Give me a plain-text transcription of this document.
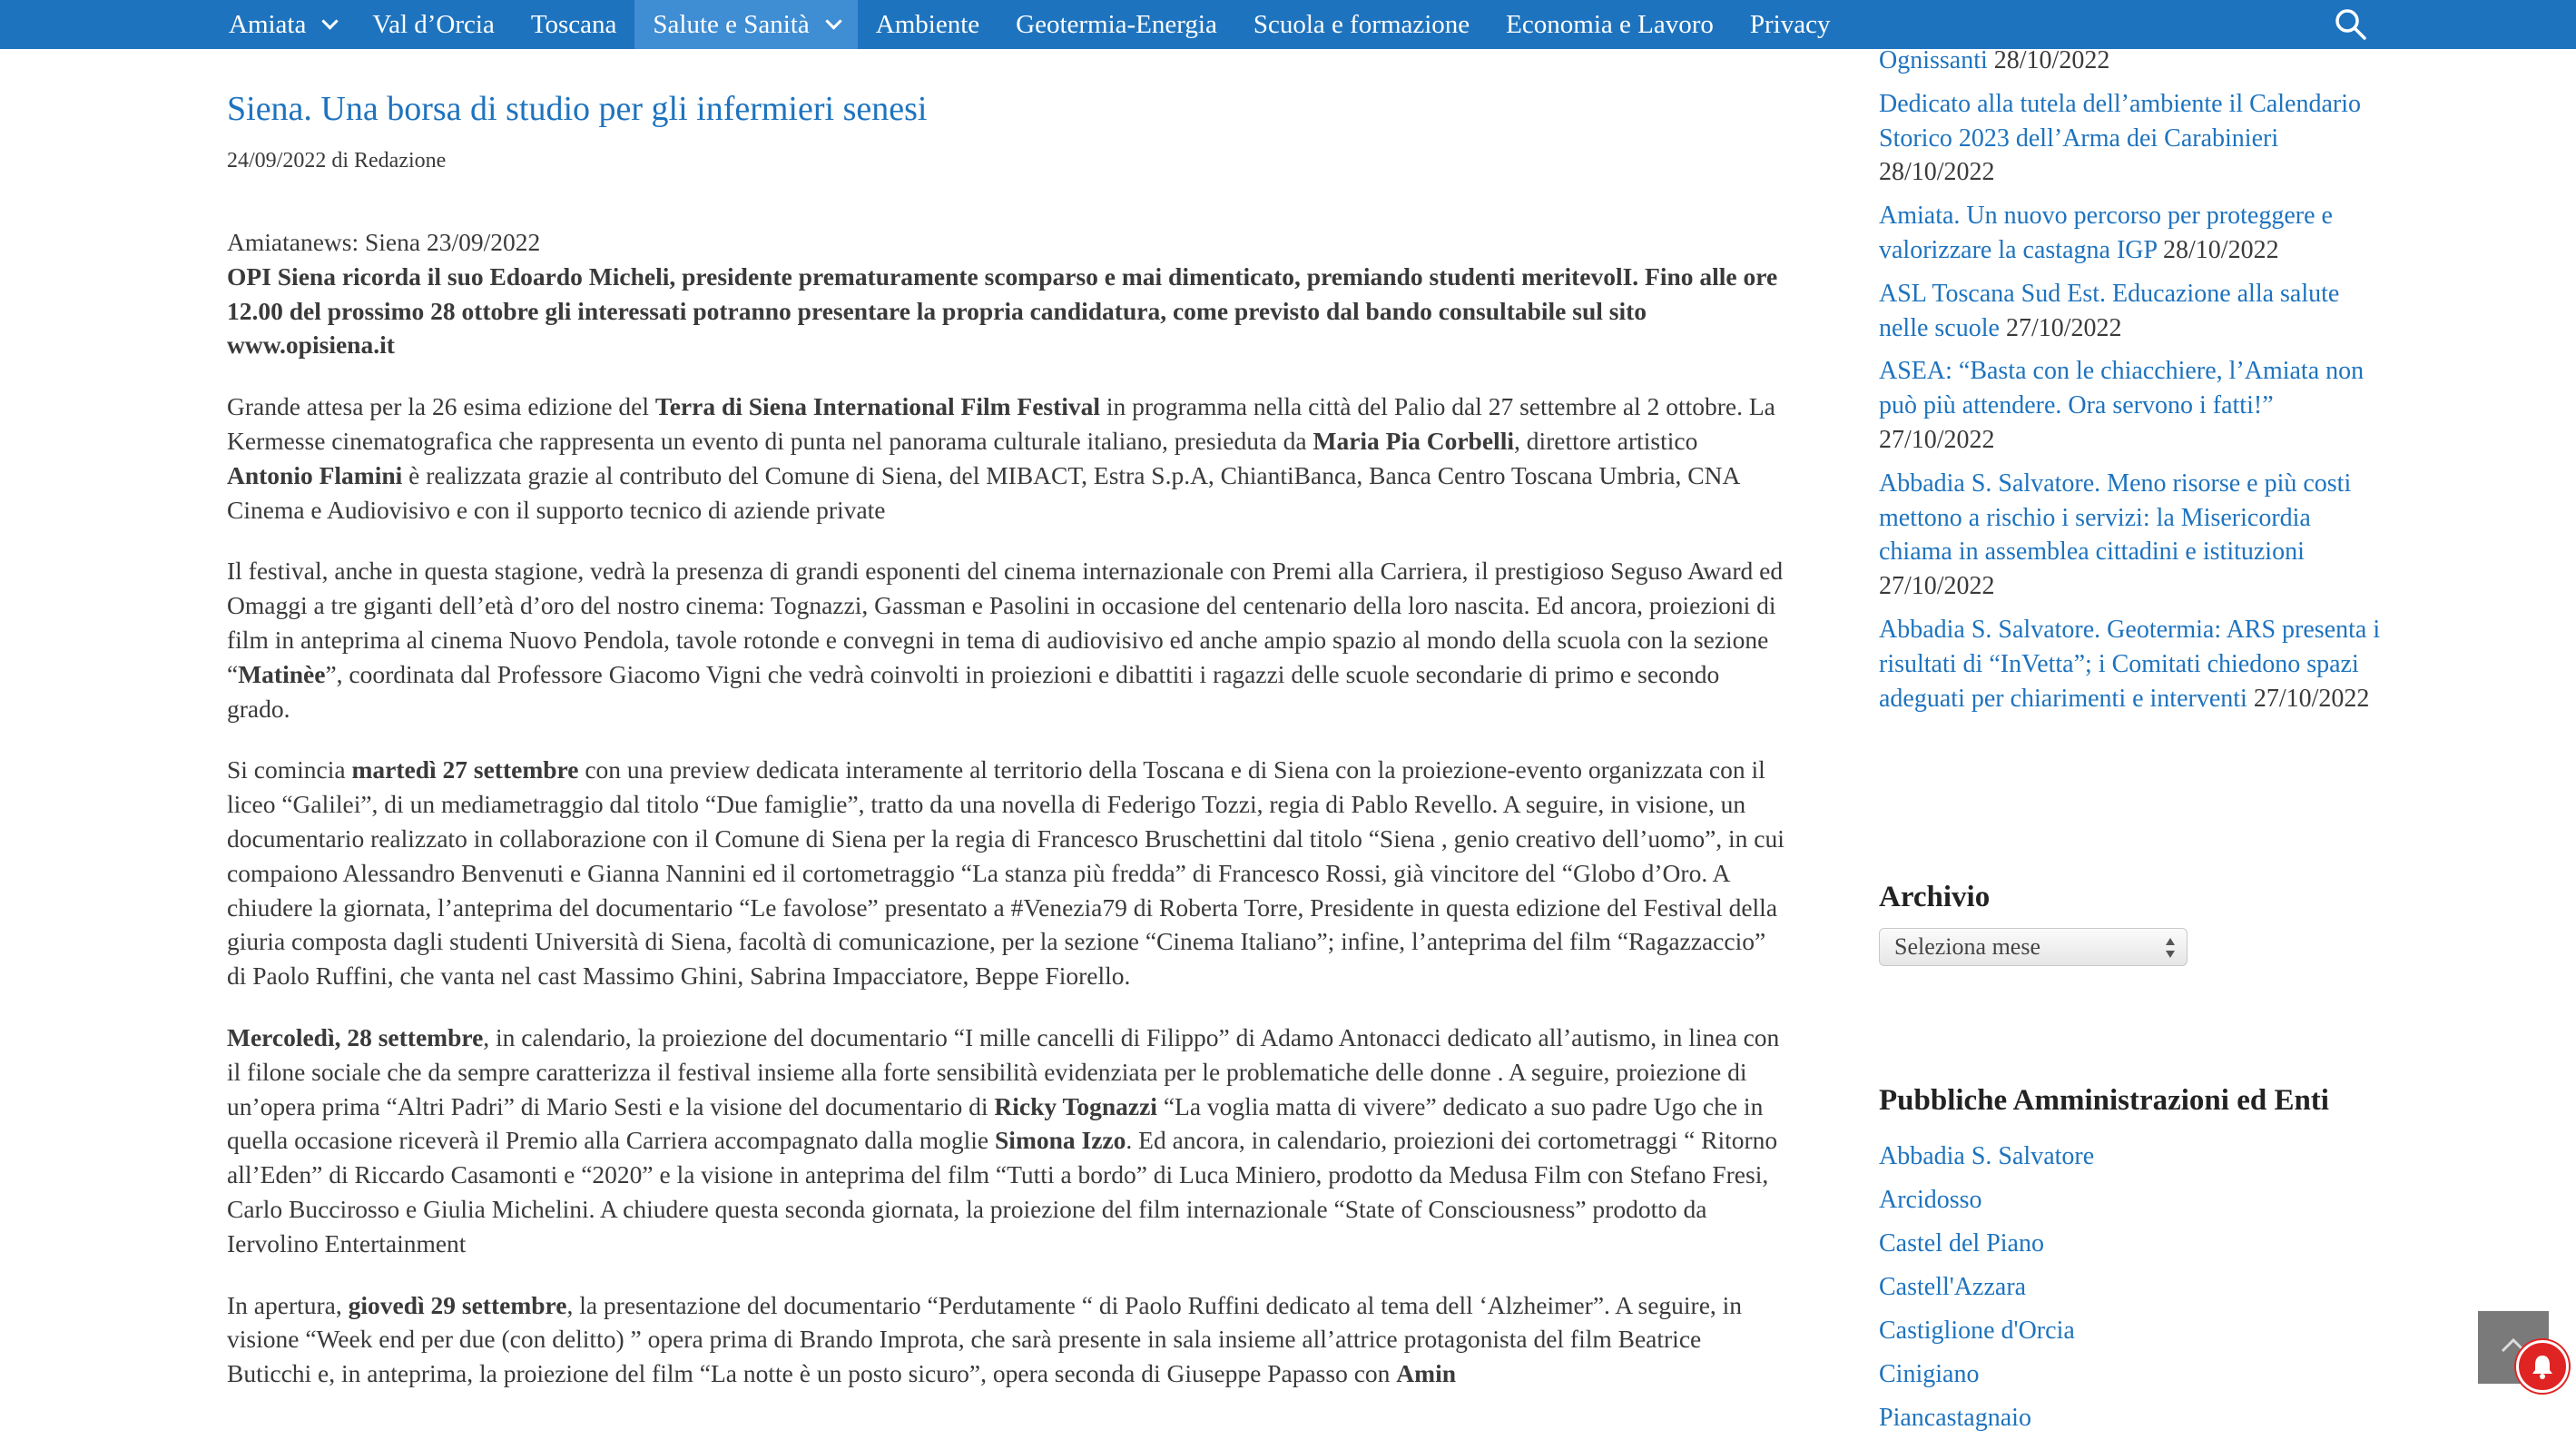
Amiata	Val d’Orcia Toscana Salute e Sanità	Ambiente Geotermia-Energia Scuola e formazione Economia e Lavoro Privacy
Siena. Una borsa di studio per gli infermieri senesi
24/09/2022 di Redazione

Amiatanews: Siena 23/09/2022
OPI Siena ricorda il suo Edoardo Micheli, presidente prematuramente scomparso e mai dimenticato, premiando studenti meritevolI. Fino alle ore 12.00 del prossimo 28 ottobre gli interessati potranno presentare la propria candidatura, come previsto dal bando consultabile sul sito www.opisiena.it

Grande attesa per la 26 esima edizione del Terra di Siena International Film Festival in programma nella città del Palio dal 27 settembre al 2 ottobre. La Kermesse cinematografica che rappresenta un evento di punta nel panorama culturale italiano, presieduta da Maria Pia Corbelli, direttore artistico Antonio Flamini è realizzata grazie al contributo del Comune di Siena, del MIBACT, Estra S.p.A, ChiantiBanca, Banca Centro Toscana Umbria, CNA Cinema e Audiovisivo e con il supporto tecnico di aziende private

Il festival, anche in questa stagione, vedrà la presenza di grandi esponenti del cinema internazionale con Premi alla Carriera, il prestigioso Seguso Award ed Omaggi a tre giganti dell’età d’oro del nostro cinema: Tognazzi, Gassman e Pasolini in occasione del centenario della loro nascita. Ed ancora, proiezioni di film in anteprima al cinema Nuovo Pendola, tavole rotonde e convegni in tema di audiovisivo ed anche ampio spazio al mondo della scuola con la sezione “Matinèe”, coordinata dal Professore Giacomo Vigni che vedrà coinvolti in proiezioni e dibattiti i ragazzi delle scuole secondarie di primo e secondo grado.

Si comincia martedì 27 settembre con una preview dedicata interamente al territorio della Toscana e di Siena con la proiezione-evento organizzata con il liceo “Galilei”, di un mediametraggio dal titolo “Due famiglie”, tratto da una novella di Federigo Tozzi, regia di Pablo Revello. A seguire, in visione, un documentario realizzato in collaborazione con il Comune di Siena per la regia di Francesco Bruschettini dal titolo “Siena , genio creativo dell’uomo”, in cui compaiono Alessandro Benvenuti e Gianna Nannini ed il cortometraggio “La stanza più fredda” di Francesco Rossi, già vincitore del “Globo d’Oro. A chiudere la giornata, l’anteprima del documentario “Le favolose” presentato a #Venezia79 di Roberta Torre, Presidente in questa edizione del Festival della giuria composta dagli studenti Università di Siena, facoltà di comunicazione, per la sezione “Cinema Italiano”; infine, l’anteprima del film “Ragazzaccio” di Paolo Ruffini, che vanta nel cast Massimo Ghini, Sabrina Impacciatore, Beppe Fiorello.

Mercoledì, 28 settembre, in calendario, la proiezione del documentario “I mille cancelli di Filippo” di Adamo Antonacci dedicato all’autismo, in linea con il filone sociale che da sempre caratterizza il festival insieme alla forte sensibilità evidenziata per le problematiche delle donne . A seguire, proiezione di un’opera prima “Altri Padri” di Mario Sesti e la visione del documentario di Ricky Tognazzi “La voglia matta di vivere” dedicato a suo padre Ugo che in quella occasione riceverà il Premio alla Carriera accompagnato dalla moglie Simona Izzo. Ed ancora, in calendario, proiezioni dei cortometraggi “ Ritorno all’Eden” di Riccardo Casamonti e “2020” e la visione in anteprima del film “Tutti a bordo” di Luca Miniero, prodotto da Medusa Film con Stefano Fresi, Carlo Buccirosso e Giulia Michelini. A chiudere questa seconda giornata, la proiezione del film internazionale “State of Consciousness” prodotto da Iervolino Entertainment

In apertura, giovedì 29 settembre, la presentazione del documentario “Perdutamente “ di Paolo Ruffini dedicato al tema dell ‘Alzheimer”. A seguire, in visione “Week end per due (con delitto) ” opera prima di Brando Improta, che sarà presente in sala insieme all’attrice protagonista del film Beatrice Buticchi e, in anteprima, la proiezione del film “La notte è un posto sicuro”, opera seconda di Giuseppe Papasso con Amin

Ognissanti 28/10/2022
Dedicato alla tutela dell’ambiente il Calendario Storico 2023 dell’Arma dei Carabinieri 28/10/2022
Amiata. Un nuovo percorso per proteggere e valorizzare la castagna IGP 28/10/2022
ASL Toscana Sud Est. Educazione alla salute nelle scuole 27/10/2022
ASEA: “Basta con le chiacchiere, l’Amiata non può più attendere. Ora servono i fatti!” 27/10/2022
Abbadia S. Salvatore. Meno risorse e più costi mettono a rischio i servizi: la Misericordia chiama in assemblea cittadini e istituzioni 27/10/2022
Abbadia S. Salvatore. Geotermia: ARS presenta i risultati di “InVetta”; i Comitati chiedono spazi adeguati per chiarimenti e interventi 27/10/2022
Archivio
Seleziona mese
Pubbliche Amministrazioni ed Enti
Abbadia S. Salvatore
Arcidosso
Castel del Piano
Castell'Azzara
Castiglione d'Orcia
Cinigiano
Piancastagnaio
